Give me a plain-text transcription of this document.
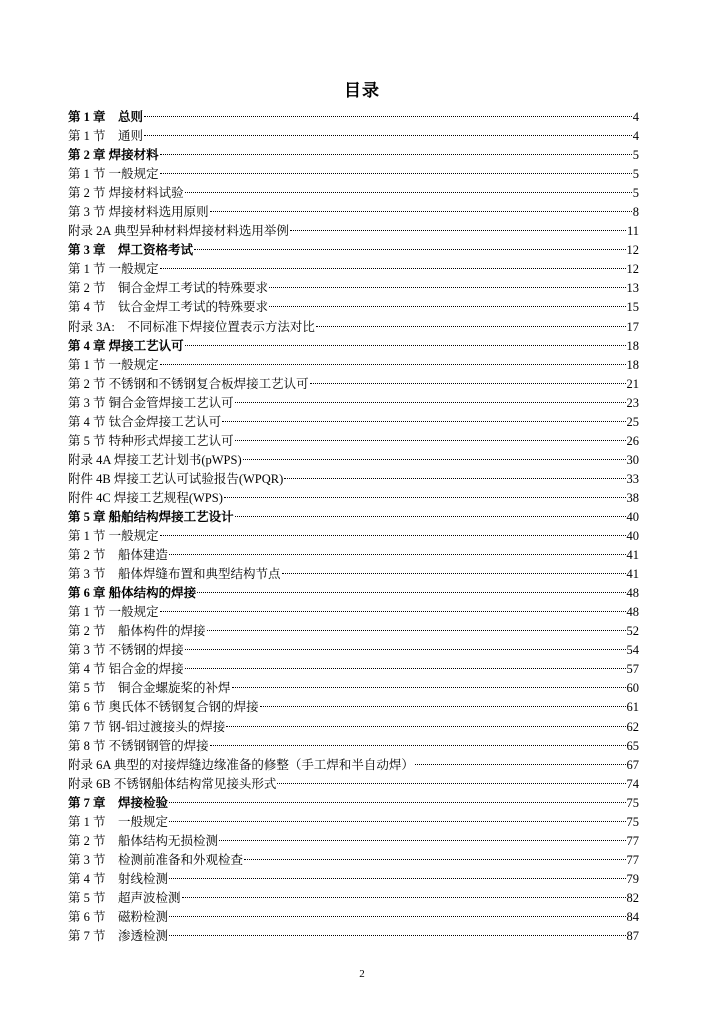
目录
第 1 章　总则	4
第 1 节　通则	4
第 2 章 焊接材料	5
第 1 节 一般规定	5
第 2 节 焊接材料试验	5
第 3 节 焊接材料选用原则	8
附录 2A 典型异种材料焊接材料选用举例	11
第 3 章　焊工资格考试	12
第 1 节 一般规定	12
第 2 节　铜合金焊工考试的特殊要求	13
第 4 节　钛合金焊工考试的特殊要求	15
附录 3A:　不同标准下焊接位置表示方法对比	17
第 4 章 焊接工艺认可	18
第 1 节 一般规定	18
第 2 节 不锈钢和不锈钢复合板焊接工艺认可	21
第 3 节 铜合金管焊接工艺认可	23
第 4 节 钛合金焊接工艺认可	25
第 5 节 特种形式焊接工艺认可	26
附录 4A 焊接工艺计划书(pWPS)	30
附件 4B 焊接工艺认可试验报告(WPQR)	33
附件 4C 焊接工艺规程(WPS)	38
第 5 章 船舶结构焊接工艺设计	40
第 1 节 一般规定	40
第 2 节　船体建造	41
第 3 节　船体焊缝布置和典型结构节点	41
第 6 章 船体结构的焊接	48
第 1 节 一般规定	48
第 2 节　船体构件的焊接	52
第 3 节 不锈钢的焊接	54
第 4 节 铝合金的焊接	57
第 5 节　铜合金螺旋桨的补焊	60
第 6 节 奥氏体不锈钢复合钢的焊接	61
第 7 节 钢-铝过渡接头的焊接	62
第 8 节 不锈钢钢管的焊接	65
附录 6A 典型的对接焊缝边缘准备的修整（手工焊和半自动焊）	67
附录 6B 不锈钢船体结构常见接头形式	74
第 7 章　焊接检验	75
第 1 节　一般规定	75
第 2 节　船体结构无损检测	77
第 3 节　检测前准备和外观检查	77
第 4 节　射线检测	79
第 5 节　超声波检测	82
第 6 节　磁粉检测	84
第 7 节　渗透检测	87
2
